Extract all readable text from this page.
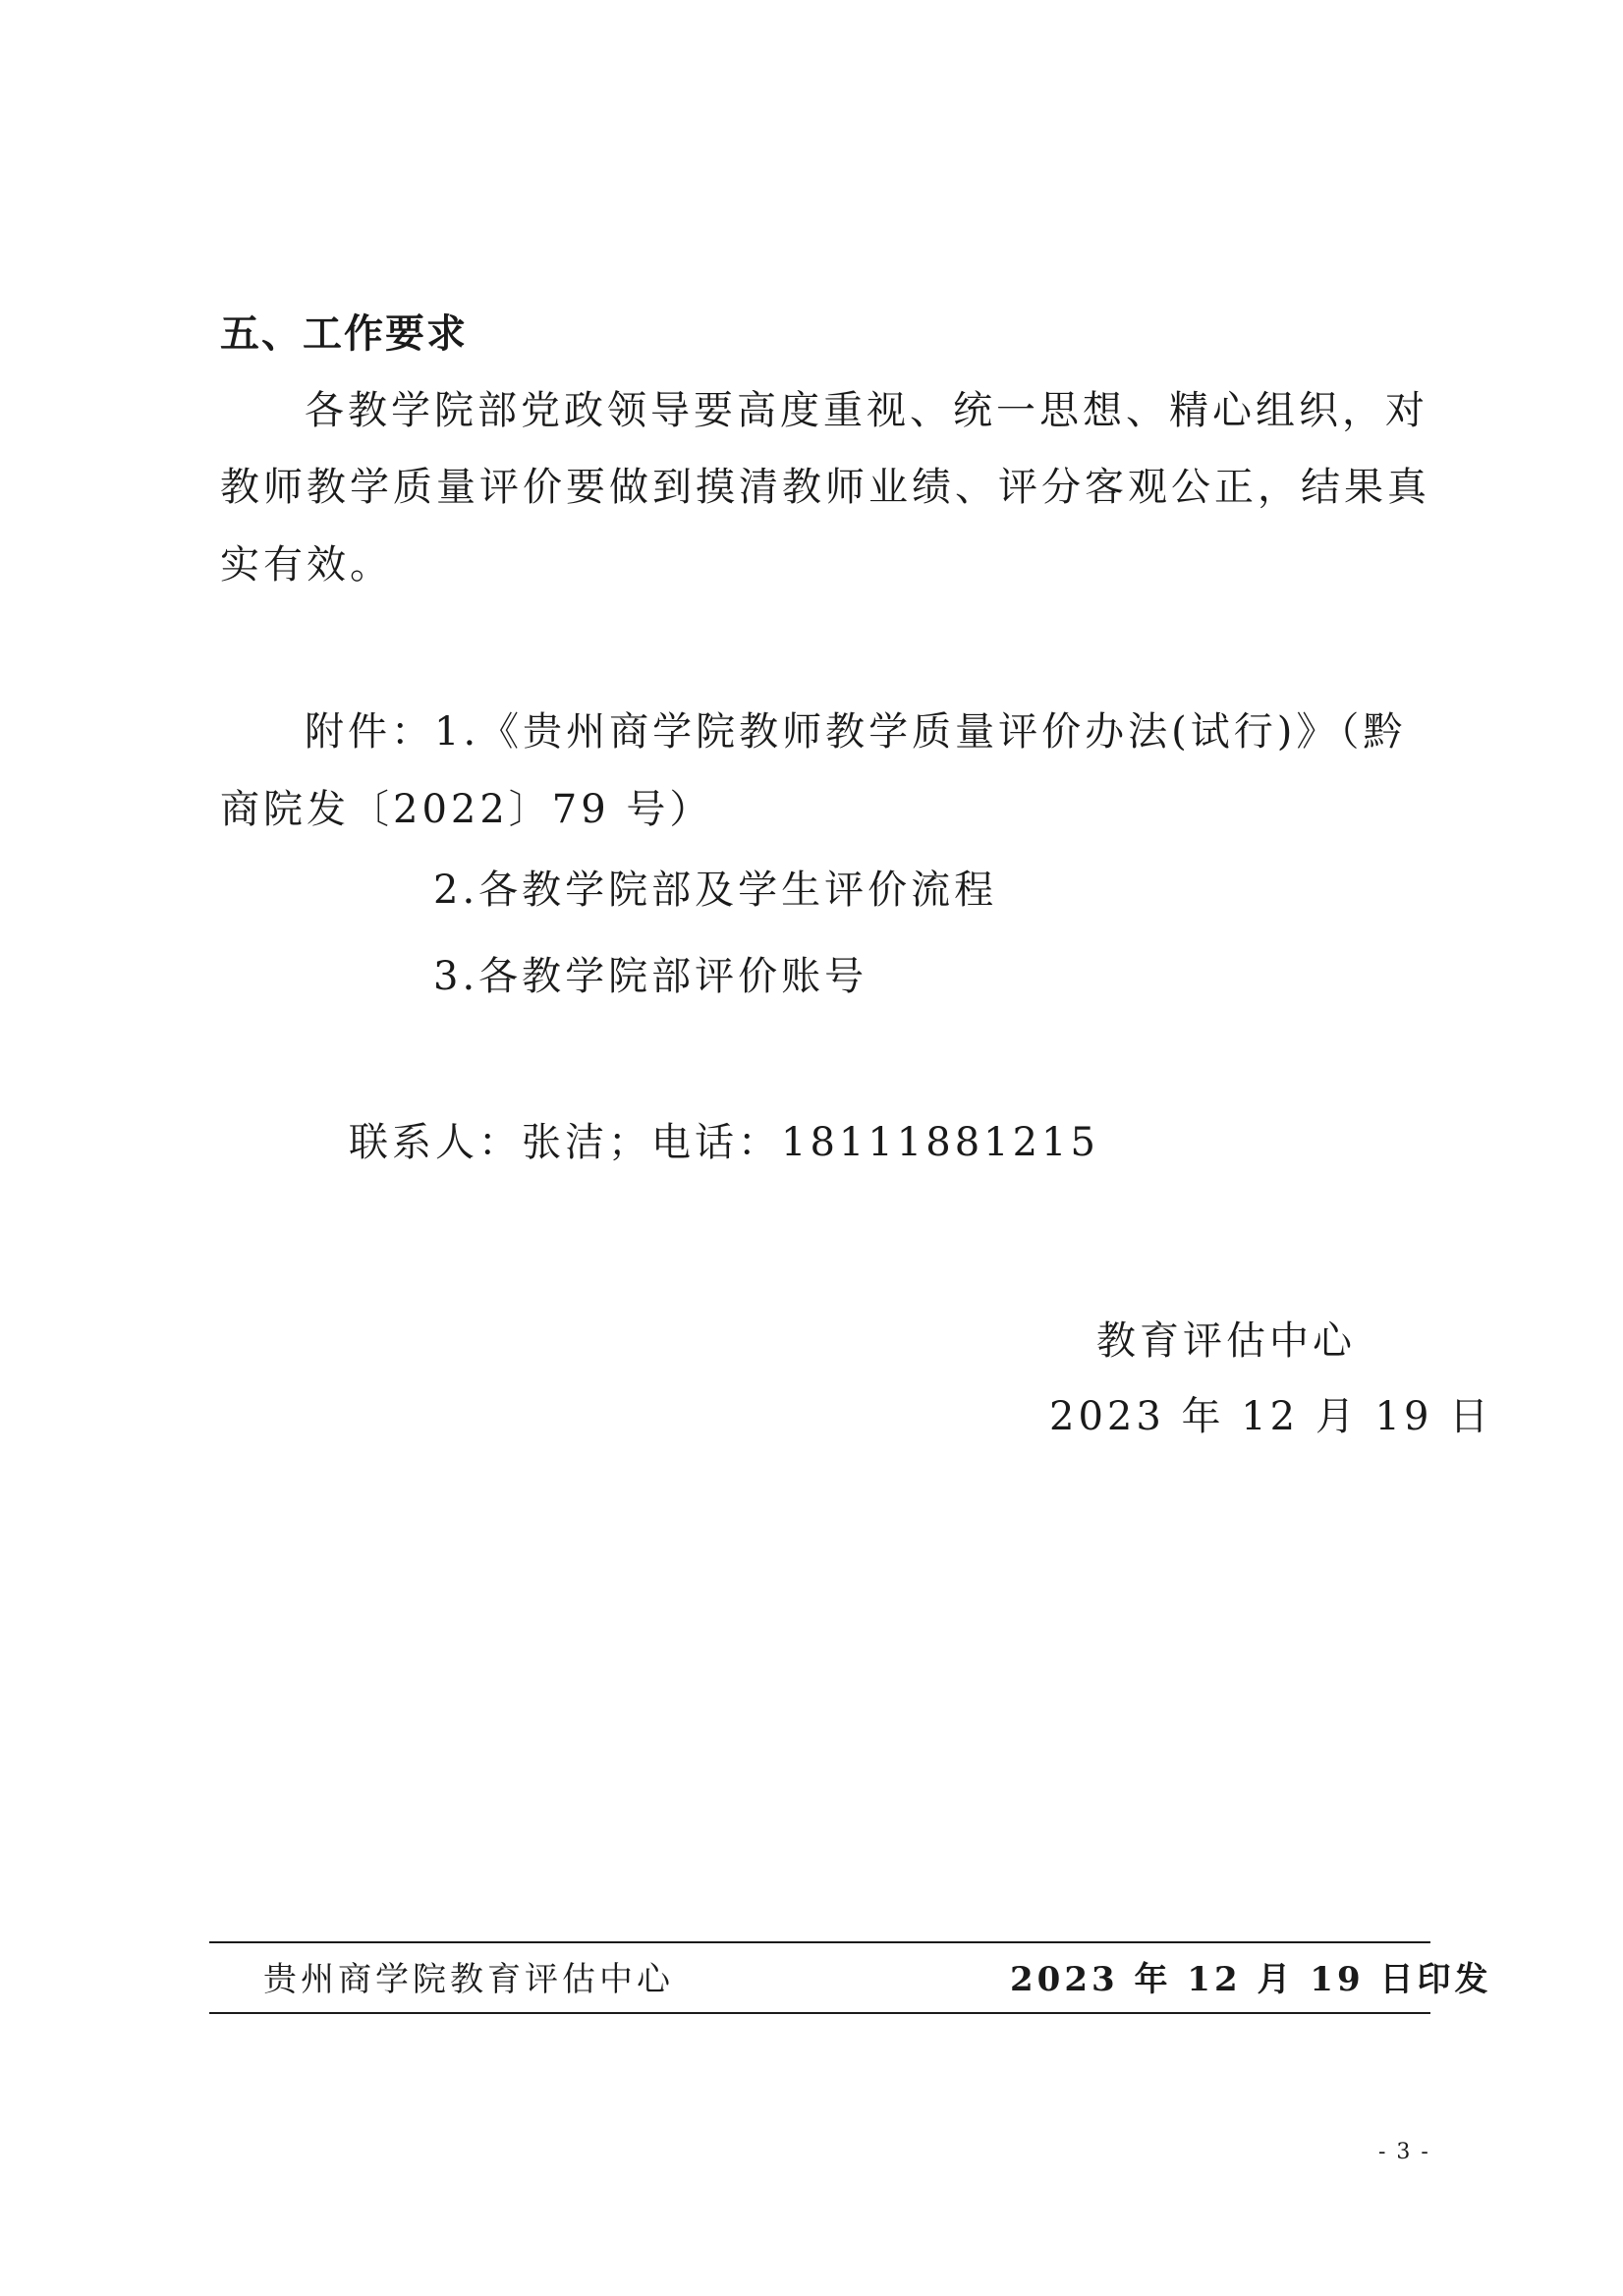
五、工作要求
各教学院部党政领导要高度重视、统一思想、精心组织，对
教师教学质量评价要做到摸清教师业绩、评分客观公正，结果真
实有效。
附件：1.《贵州商学院教师教学质量评价办法(试行)》（黔
商院发〔2022〕79 号）
2.各教学院部及学生评价流程
3.各教学院部评价账号
联系人：张洁；电话：18111881215
教育评估中心
2023 年 12 月 19 日
贵州商学院教育评估中心	2023 年 12 月 19 日印发
- 3 -
